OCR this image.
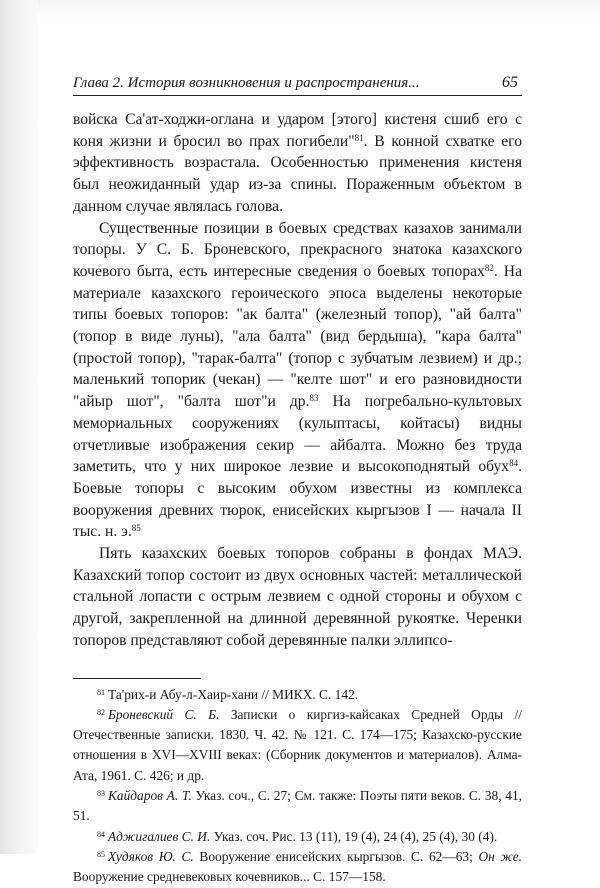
Глава 2. История возникновения и распространения...	65

войска Са'ат-ходжи-оглана и ударом [этого] кистеня сшиб его с коня жизни и бросил во прах погибели"$^{81}$. В конной схватке его эффективность возрастала. Особенностью применения кистеня был неожиданный удар из-за спины. Пораженным объектом в данном случае являлась голова.

Существенные позиции в боевых средствах казахов занимали топоры. У С. Б. Броневского, прекрасного знатока казахского кочевого быта, есть интересные сведения о боевых топорах$^{82}$. На материале казахского героического эпоса выделены некоторые типы боевых топоров: "ак балта" (железный топор), "ай балта" (топор в виде луны), "ала балта" (вид бердыша), "кара балта" (простой топор), "тарак-балта" (топор с зубчатым лезвием) и др.; маленький топорик (чекан) — "келте шот" и его разновидности "айыр шот", "балта шот"и др.$^{83}$ На погребально-культовых мемориальных сооружениях (кулыптасы, койтасы) видны отчетливые изображения секир — айбалта. Можно без труда заметить, что у них широкое лезвие и высокоподнятый обух$^{84}$. Боевые топоры с высоким обухом известны из комплекса вооружения древних тюрок, енисейских кыргызов I — начала II тыс. н. э.$^{85}$

Пять казахских боевых топоров собраны в фондах МАЭ. Казахский топор состоит из двух основных частей: металлической стальной лопасти с острым лезвием с одной стороны и обухом с другой, закрепленной на длинной деревянной рукоятке. Черенки топоров представляют собой деревянные палки эллипсо-

$^{81}$ Та'рих-и Абу-л-Хаир-хани // МИКХ. С. 142.

$^{82}$ Броневский С. Б. Записки о киргиз-кайсаках Средней Орды // Отечественные записки. 1830. Ч. 42. № 121. С. 174—175; Казахско-русские отношения в XVI—XVIII веках: (Сборник документов и материалов). Алма-Ата, 1961. С. 426; и др.

$^{83}$ Кайдаров А. Т. Указ. соч., С. 27; См. также: Поэты пяти веков. С. 38, 41, 51.

$^{84}$ Аджигалиев С. И. Указ. соч. Рис. 13 (11), 19 (4), 24 (4), 25 (4), 30 (4).

$^{85}$ Худяков Ю. С. Вооружение енисейских кыргызов. С. 62—63; Он же. Вооружение средневековых кочевников... С. 157—158.
